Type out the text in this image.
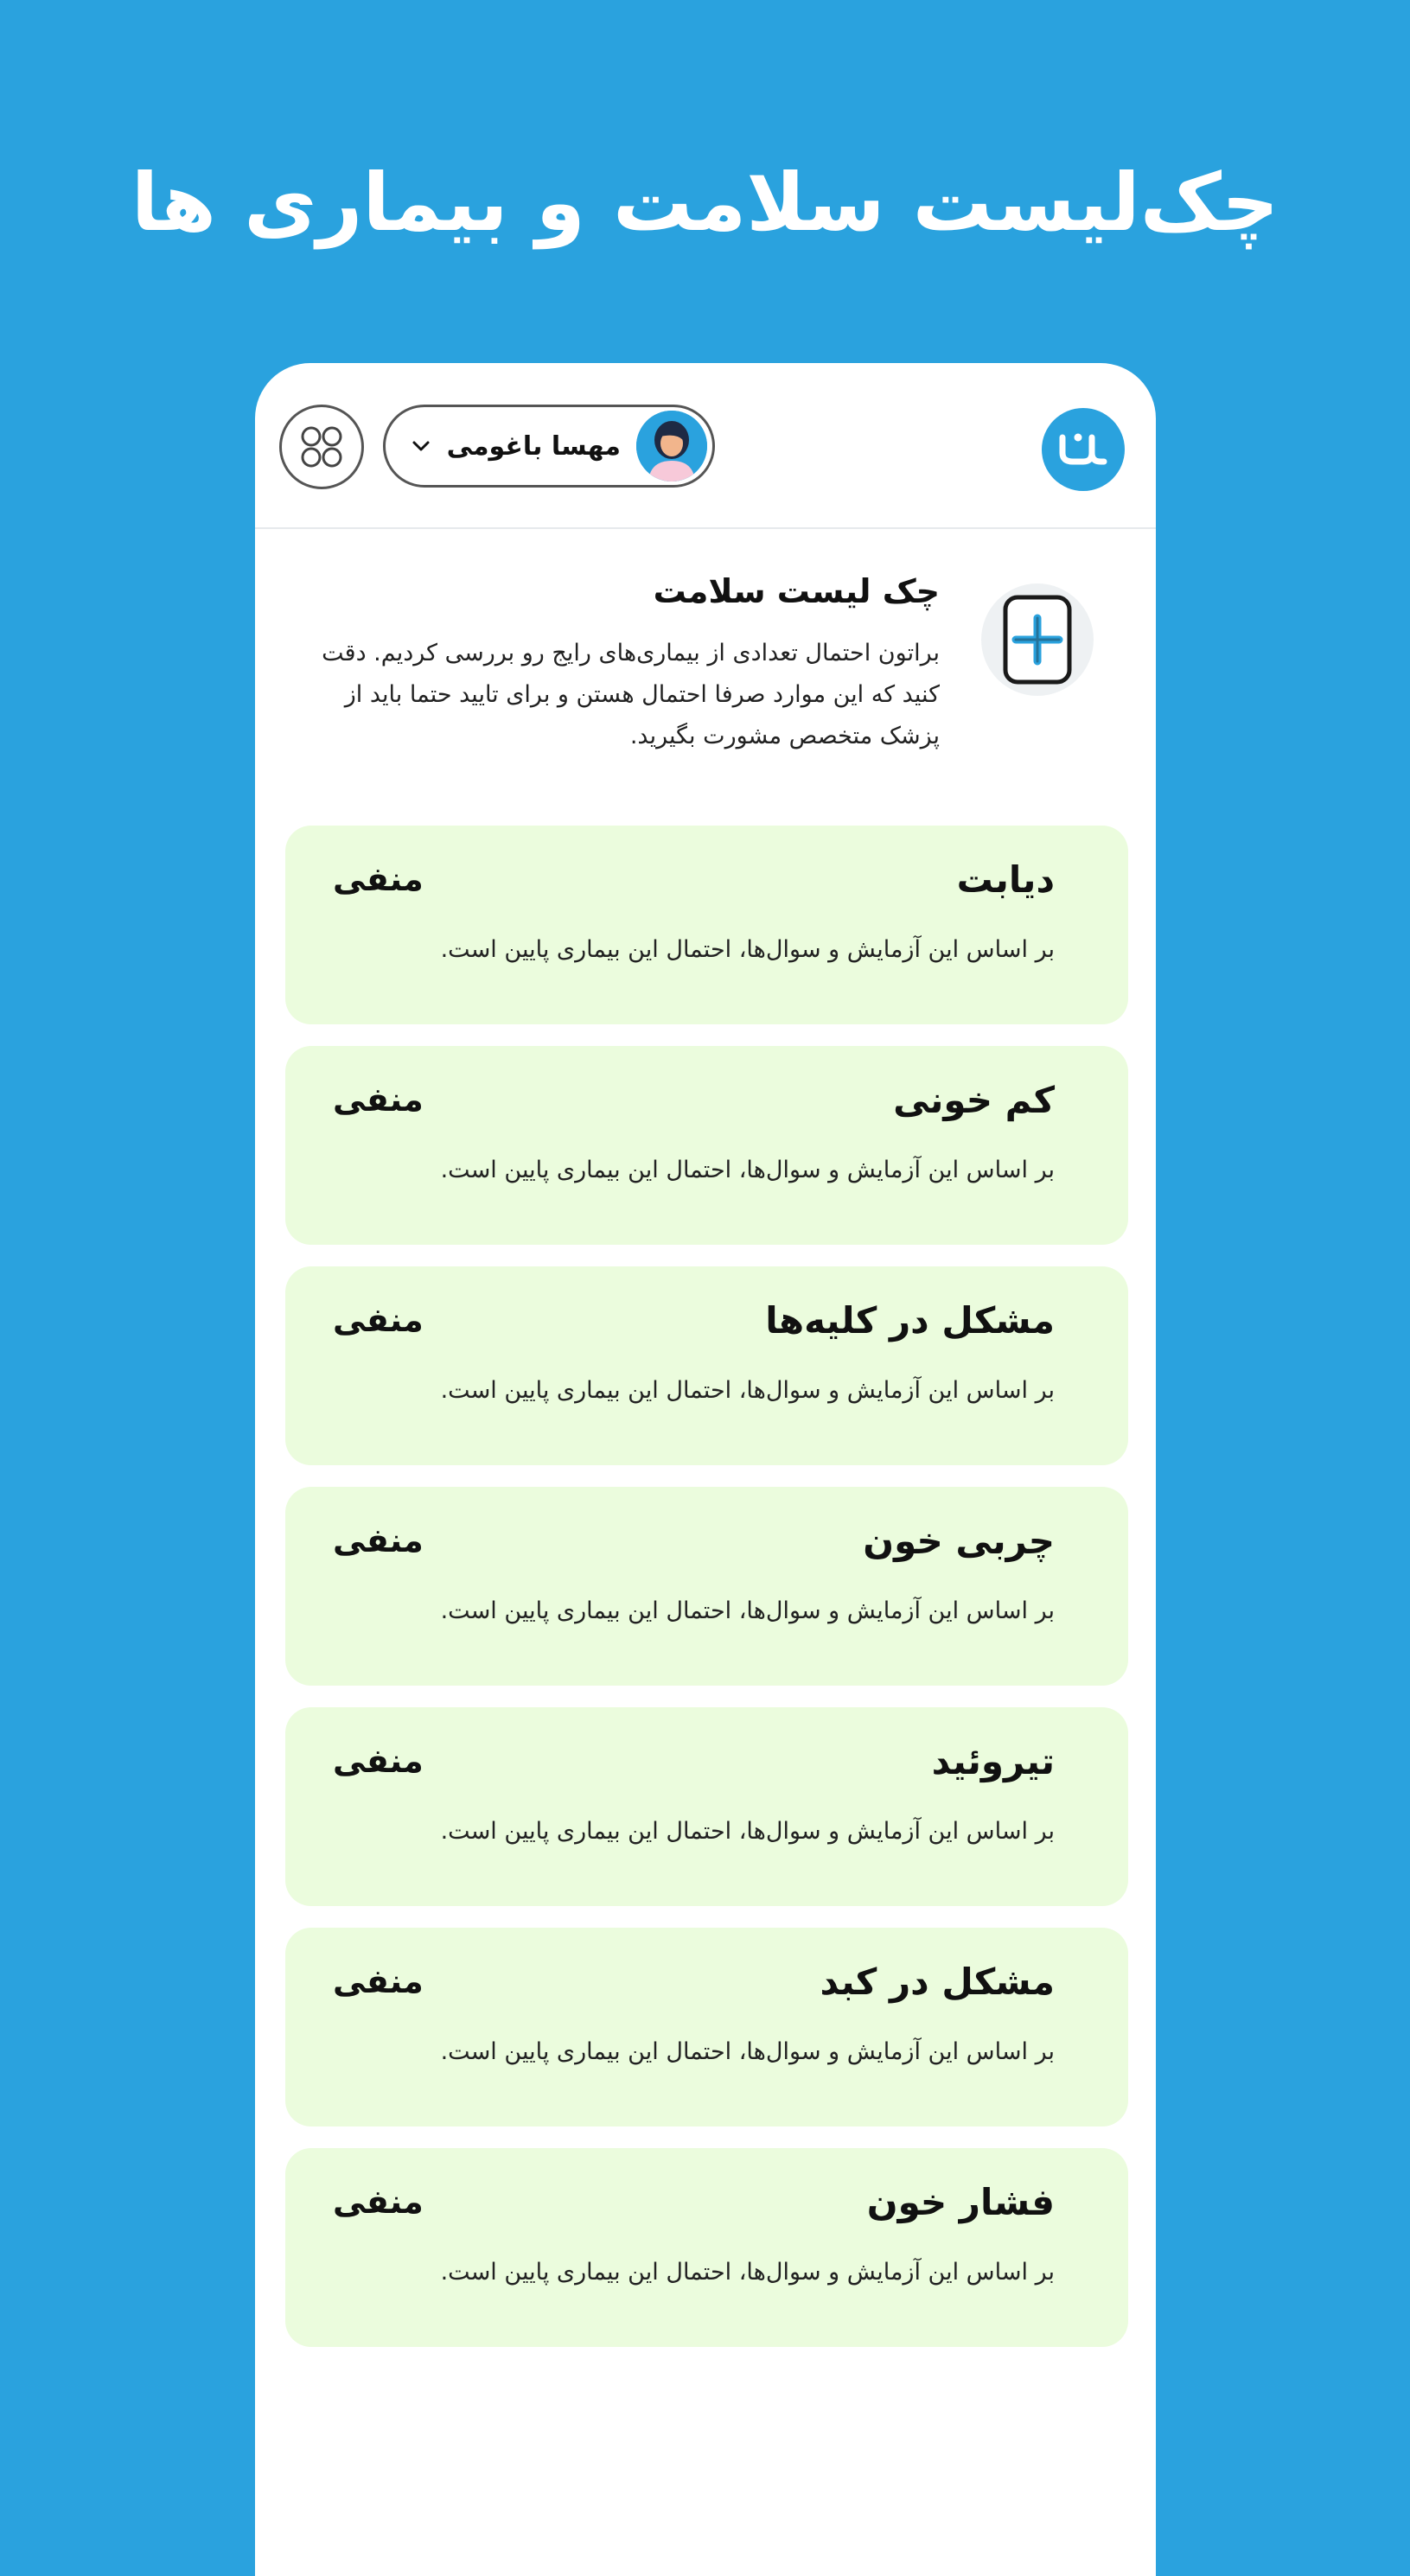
چک‌لیست سلامت و بیماری ها
مهسا باغومی
چک لیست سلامت
براتون احتمال تعدادی از بیماری‌های رایج رو بررسی کردیم. دقت کنید که این موارد صرفا احتمال هستن و برای تایید حتما باید از پزشک متخصص مشورت بگیرید.
دیابت
منفی
بر اساس این آزمایش و سوال‌ها، احتمال این بیماری پایین است.
کم خونی
منفی
بر اساس این آزمایش و سوال‌ها، احتمال این بیماری پایین است.
مشکل در کلیه‌ها
منفی
بر اساس این آزمایش و سوال‌ها، احتمال این بیماری پایین است.
چربی خون
منفی
بر اساس این آزمایش و سوال‌ها، احتمال این بیماری پایین است.
تیروئید
منفی
بر اساس این آزمایش و سوال‌ها، احتمال این بیماری پایین است.
مشکل در کبد
منفی
بر اساس این آزمایش و سوال‌ها، احتمال این بیماری پایین است.
فشار خون
منفی
بر اساس این آزمایش و سوال‌ها، احتمال این بیماری پایین است.
